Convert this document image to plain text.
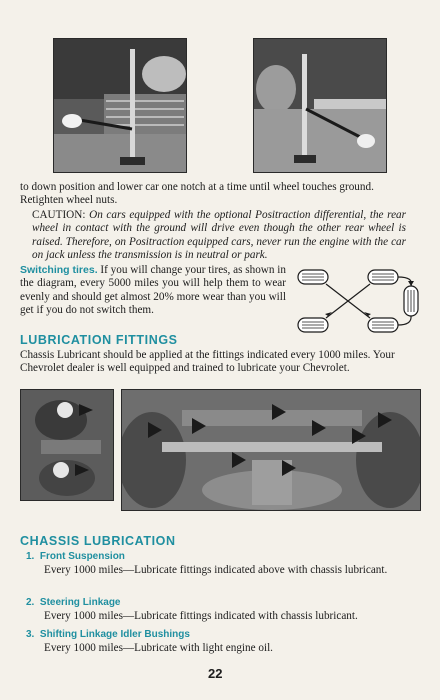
to down position and lower car one notch at a time until wheel touches ground.

Retighten wheel nuts.

CAUTION: On cars equipped with the optional Positraction differential, the rear wheel in contact with the ground will drive even though the other rear wheel is raised. Therefore, on Positraction equipped cars, never run the engine with the car on jack unless the transmission is in neutral or park.

Switching tires. If you will change your tires, as shown in the diagram, every 5000 miles you will help them to wear evenly and should get almost 20% more wear than you will get if you do not switch them.

LUBRICATION FITTINGS

Chassis Lubricant should be applied at the fittings indicated every 1000 miles. Your Chevrolet dealer is well equipped and trained to lubricate your Chevrolet.

CHASSIS LUBRICATION
1. Front Suspension

Every 1000 miles—Lubricate fittings indicated above with chassis lubricant.

2. Steering Linkage

Every 1000 miles—Lubricate fittings indicated with chassis lubricant.

3. Shifting Linkage Idler Bushings

Every 1000 miles—Lubricate with light engine oil.

22
